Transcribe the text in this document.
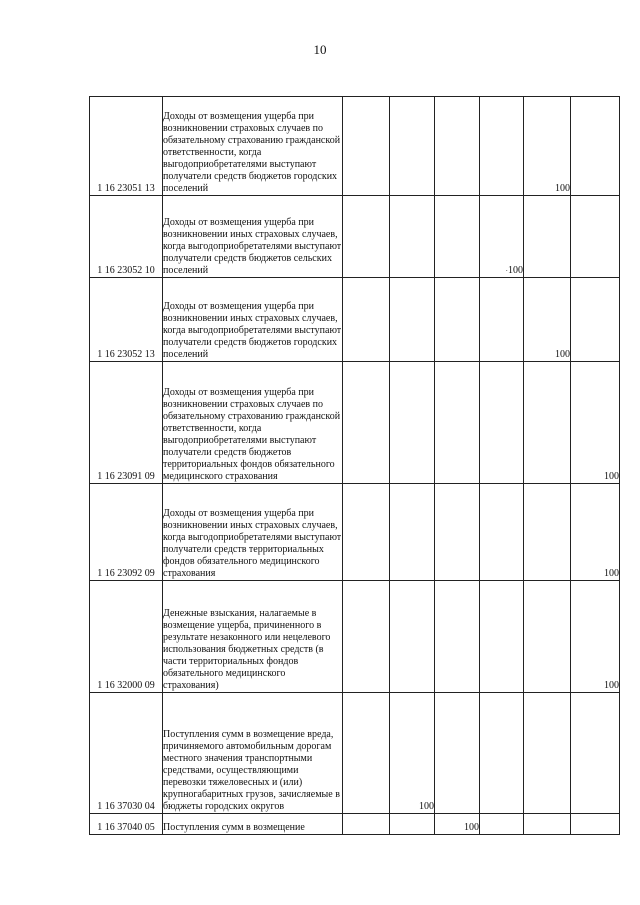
10
1 16 23051 13	Доходы от возмещения ущерба при возникновении страховых случаев по обязательному страхованию гражданской ответственности, когда выгодоприобретателями выступают получатели средств бюджетов городских поселений					100	
1 16 23052 10	Доходы от возмещения ущерба при возникновении иных страховых случаев, когда выгодоприобретателями выступают получатели средств бюджетов сельских поселений				·100		
1 16 23052 13	Доходы от возмещения ущерба при возникновении иных страховых случаев, когда выгодоприобретателями выступают получатели средств бюджетов городских поселений					100	
1 16 23091 09	Доходы от возмещения ущерба при возникновении страховых случаев по обязательному страхованию гражданской ответственности, когда выгодоприобретателями выступают получатели средств бюджетов территориальных фондов обязательного медицинского страхования						100
1 16 23092 09	Доходы от возмещения ущерба при возникновении иных страховых случаев, когда выгодоприобретателями выступают получатели средств территориальных фондов обязательного медицинского страхования						100
1 16 32000 09	Денежные взыскания, налагаемые в возмещение ущерба, причиненного в результате незаконного или нецелевого использования бюджетных средств (в части территориальных фондов обязательного медицинского страхования)						100
1 16 37030 04	Поступления сумм в возмещение вреда, причиняемого автомобильным дорогам местного значения транспортными средствами, осуществляющими перевозки тяжеловесных и (или) крупногабаритных грузов, зачисляемые в бюджеты городских округов		100				
1 16 37040 05	Поступления сумм в возмещение			100			
